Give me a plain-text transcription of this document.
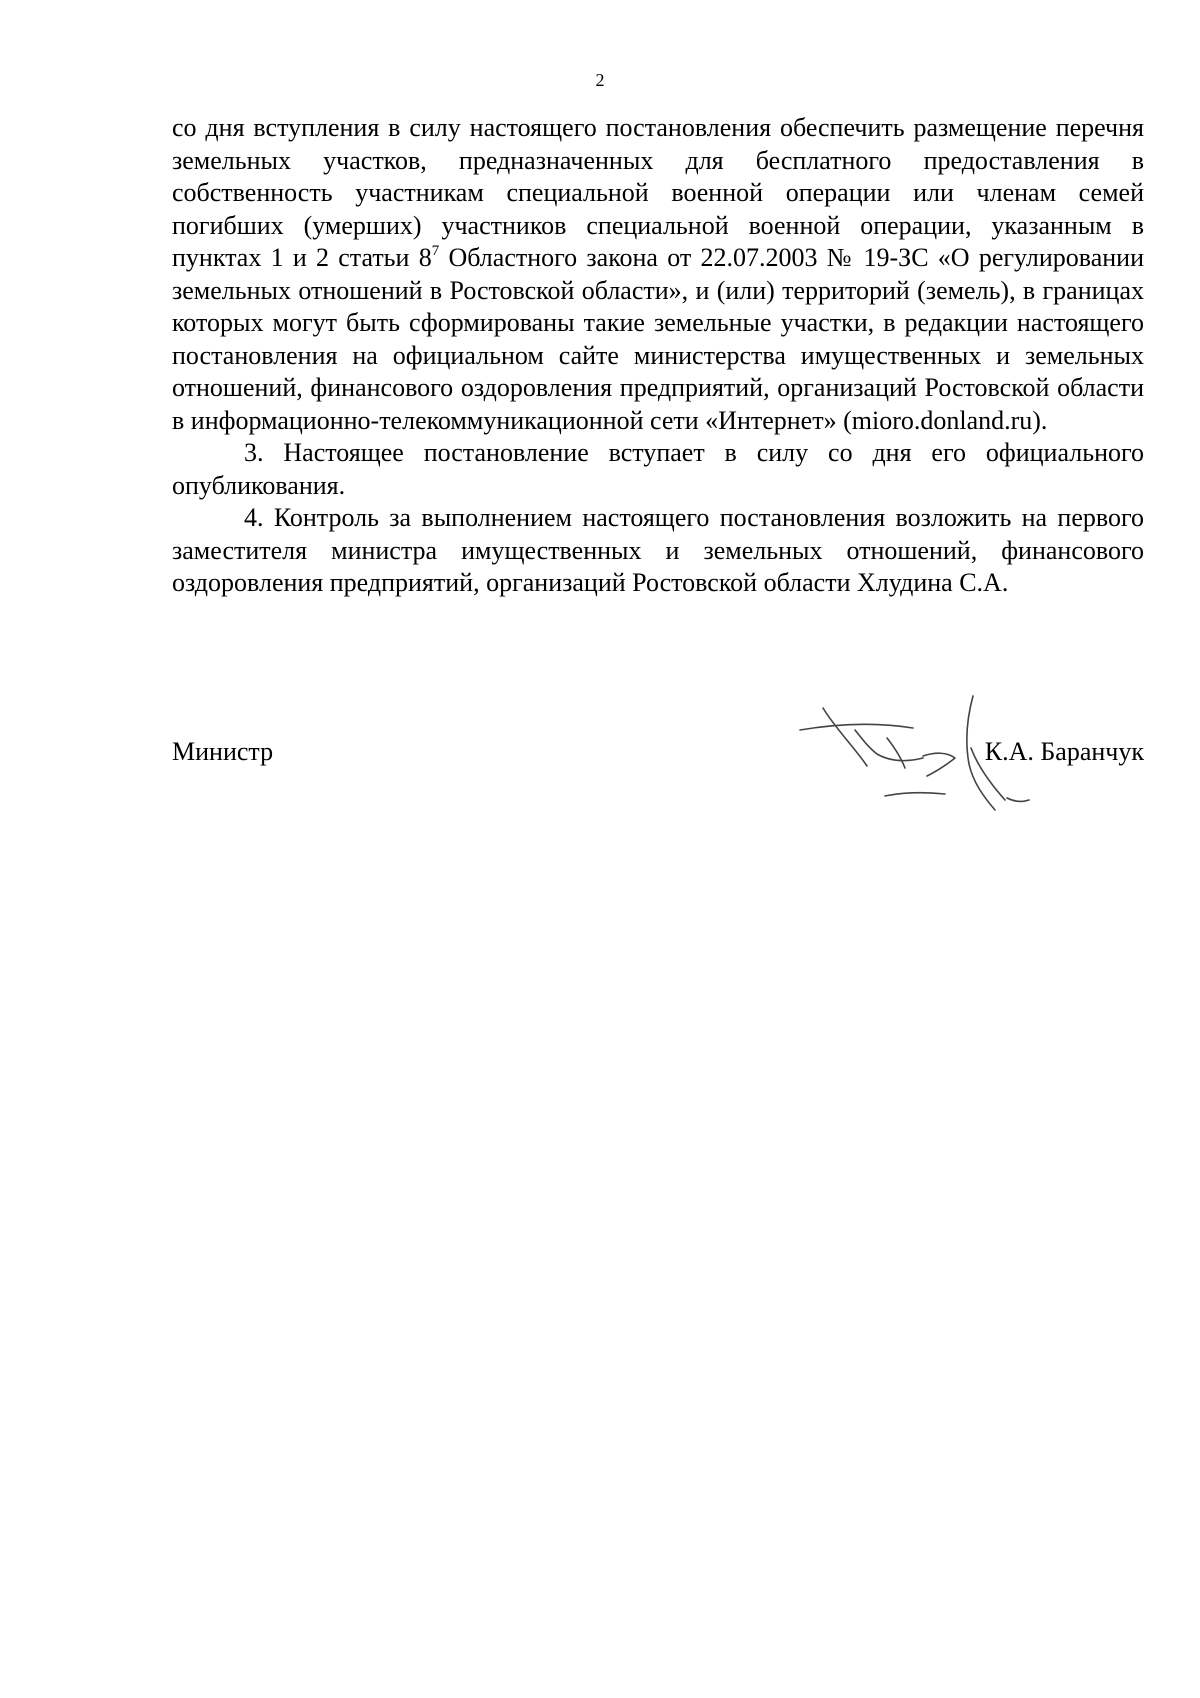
2

со дня вступления в силу настоящего постановления обеспечить размещение перечня земельных участков, предназначенных для бесплатного предоставления в собственность участникам специальной военной операции или членам семей погибших (умерших) участников специальной военной операции, указанным в пунктах 1 и 2 статьи $8^7$ Областного закона от 22.07.2003 № 19-ЗС «О регулировании земельных отношений в Ростовской области», и (или) территорий (земель), в границах которых могут быть сформированы такие земельные участки, в редакции настоящего постановления на официальном сайте министерства имущественных и земельных отношений, финансового оздоровления предприятий, организаций Ростовской области в информационно-телекоммуникационной сети «Интернет» (mioro.donland.ru).

3. Настоящее постановление вступает в силу со дня его официального опубликования.

4. Контроль за выполнением настоящего постановления возложить на первого заместителя министра имущественных и земельных отношений, финансового оздоровления предприятий, организаций Ростовской области Хлудина С.А.

Министр	К.А. Баранчук
